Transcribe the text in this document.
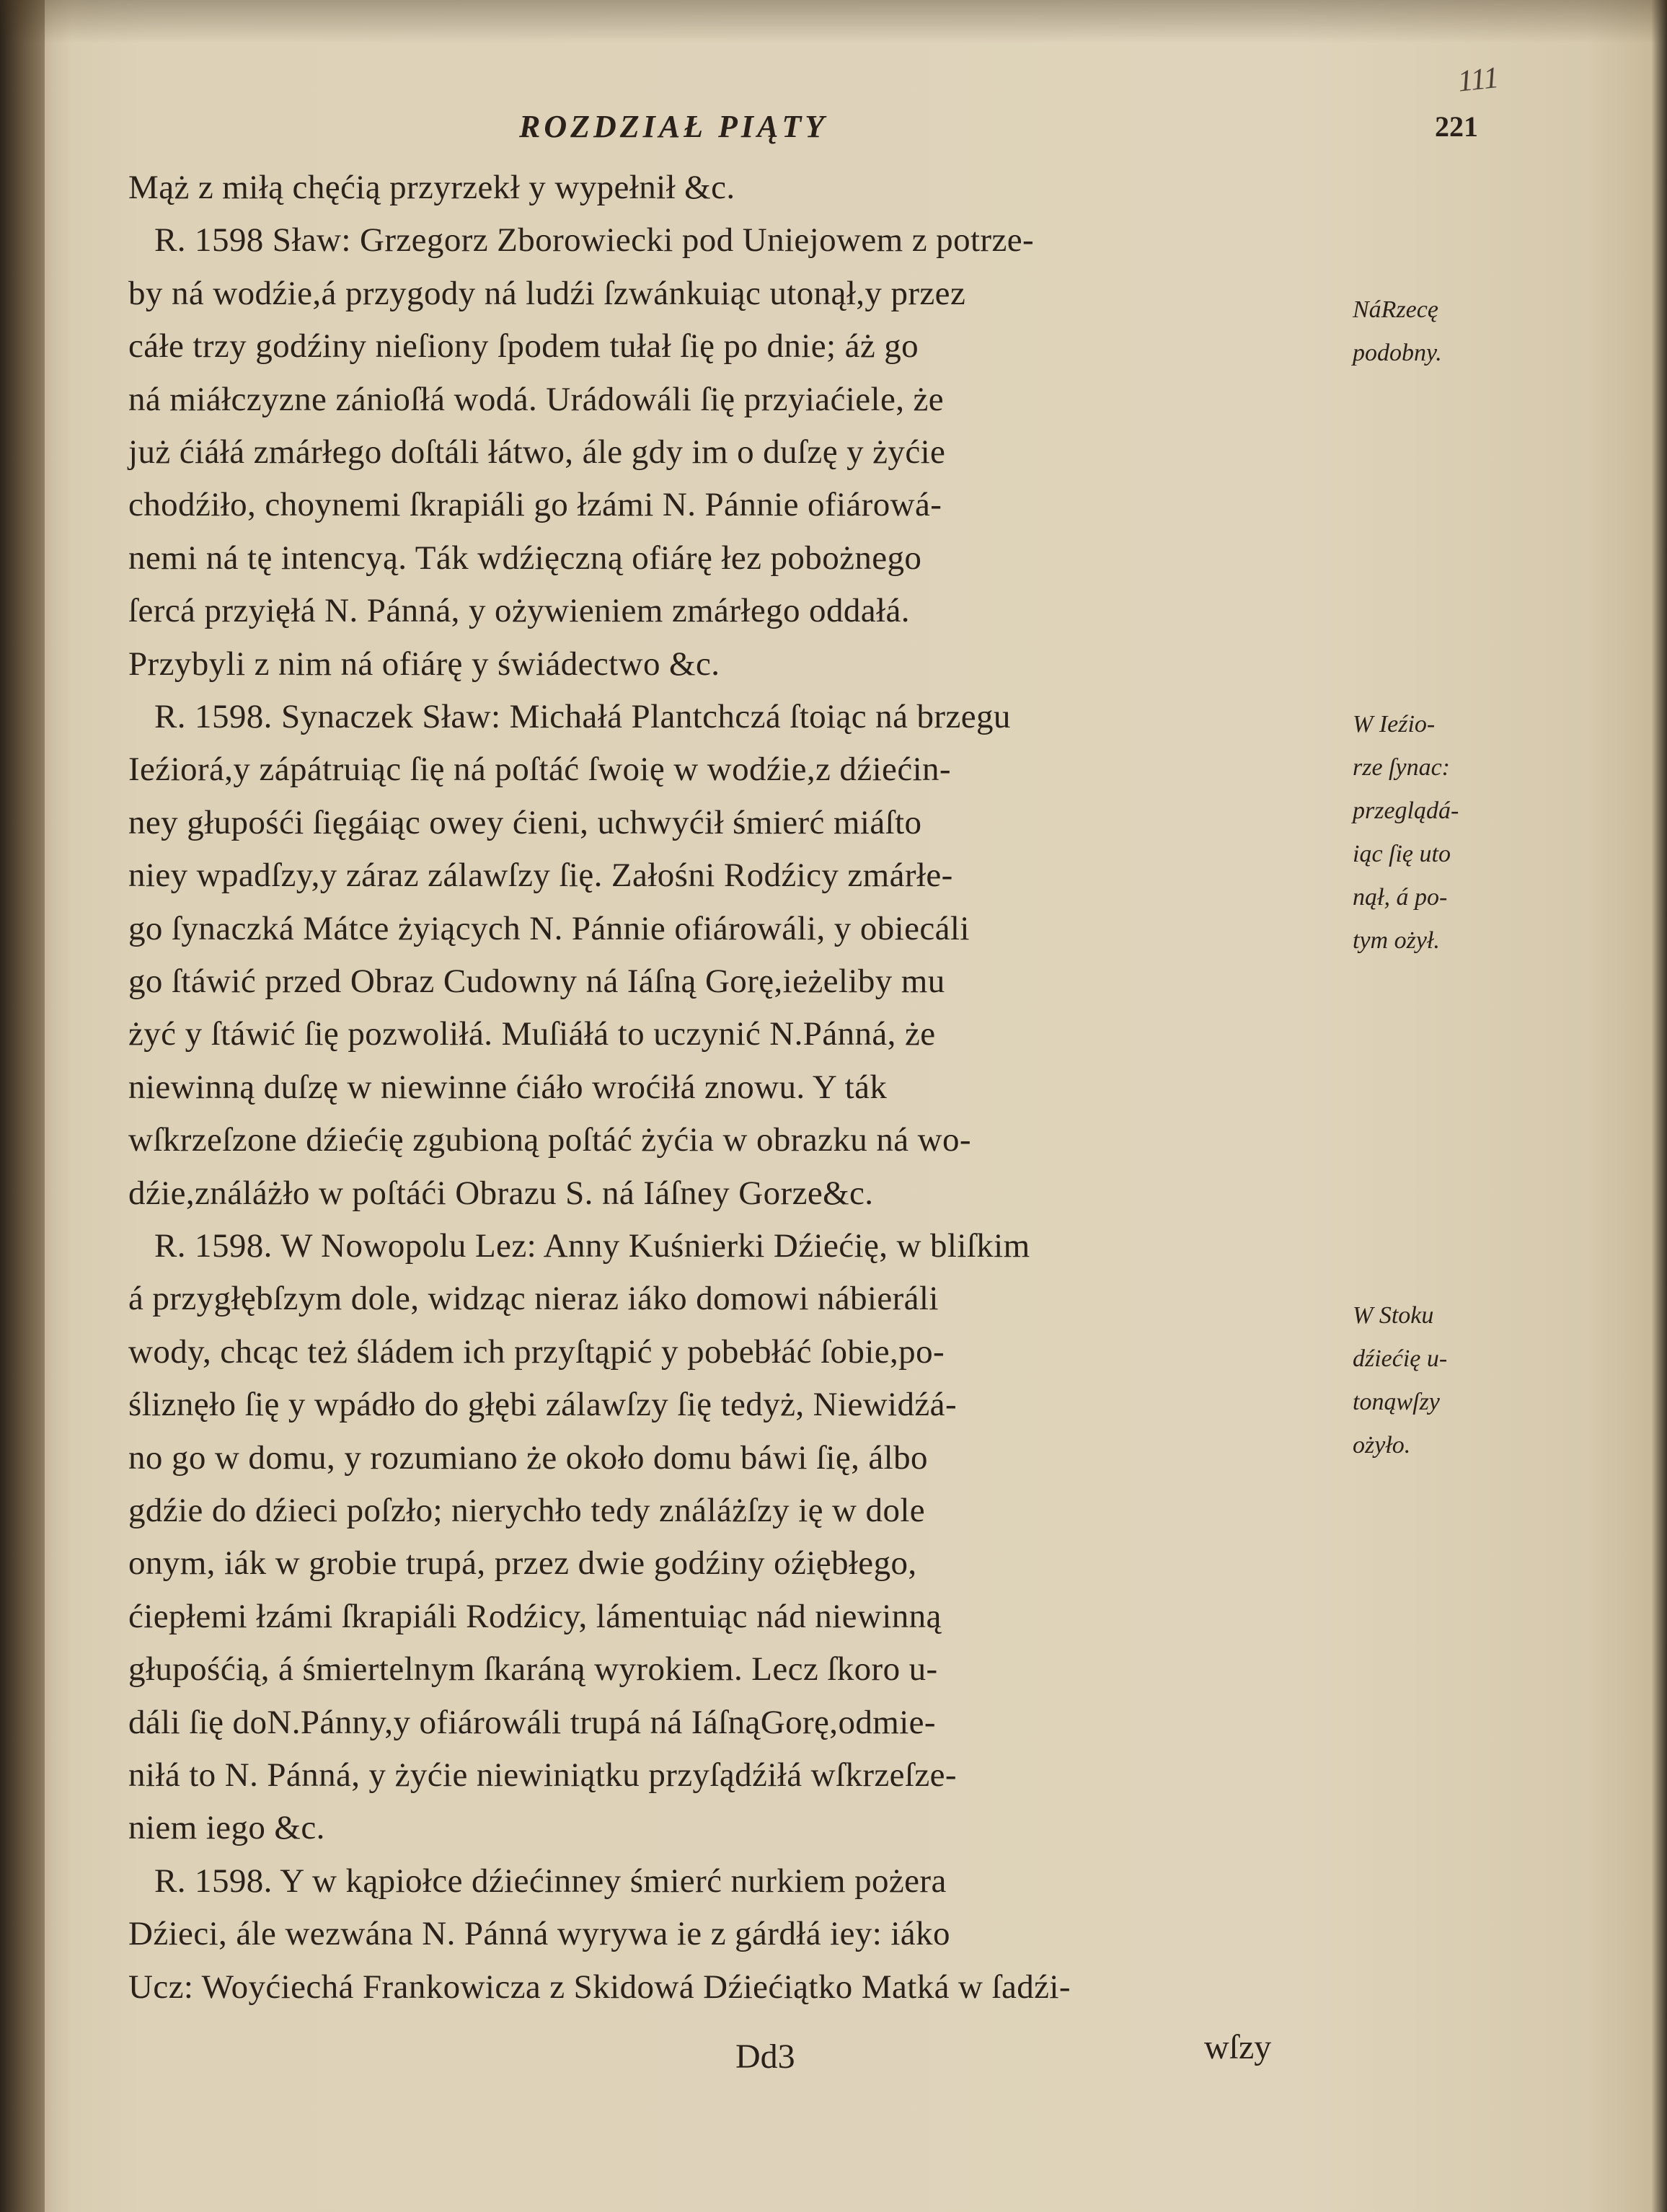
111
ROZDZIAŁ PIĄTY	221
Mąż z miłą chęćią przyrzekł y wypełnił &c.
R. 1598 Sław: Grzegorz Zborowiecki pod Uniejowem z potrze-
by ná wodźie,á przygody ná ludźi ſzwánkuiąc utonął,y przez
cáłe trzy godźiny nieſiony ſpodem tułał ſię po dnie; áż go
ná miáłczyzne zánioſłá wodá. Urádowáli ſię przyiaćiele, że
już ćiáłá zmárłego doſtáli łátwo, ále gdy im o duſzę y żyćie
chodźiło, choynemi ſkrapiáli go łzámi N. Pánnie ofiárowá-
nemi ná tę intencyą. Ták wdźięczną ofiárę łez pobożnego
ſercá przyięłá N. Pánná, y ożywieniem zmárłego oddałá.
Przybyli z nim ná ofiárę y świádectwo &c.
R. 1598. Synaczek Sław: Michałá Plantchczá ſtoiąc ná brzegu
Ieźiorá,y zápátruiąc ſię ná poſtáć ſwoię w wodźie,z dźiećin-
ney głupośći ſięgáiąc owey ćieni, uchwyćił śmierć miáſto
niey wpadſzy,y záraz zálawſzy ſię. Załośni Rodźicy zmárłe-
go ſynaczká Mátce żyiących N. Pánnie ofiárowáli, y obiecáli
go ſtáwić przed Obraz Cudowny ná Iáſną Gorę,ieżeliby mu
żyć y ſtáwić ſię pozwoliłá. Muſiáłá to uczynić N.Pánná, że
niewinną duſzę w niewinne ćiáło wroćiłá znowu. Y ták
wſkrzeſzone dźiećię zgubioną poſtáć żyćia w obrazku ná wo-
dźie,ználáżło w poſtáći Obrazu S. ná Iáſney Gorze&c.
R. 1598. W Nowopolu Lez: Anny Kuśnierki Dźiećię, w bliſkim
á przygłębſzym dole, widząc nieraz iáko domowi nábieráli
wody, chcąc też śládem ich przyſtąpić y pobebłáć ſobie,po-
śliznęło ſię y wpádło do głębi zálawſzy ſię tedyż, Niewidźá-
no go w domu, y rozumiano że około domu báwi ſię, álbo
gdźie do dźieci poſzło; nierychło tedy ználáżſzy ię w dole
onym, iák w grobie trupá, przez dwie godźiny oźiębłego,
ćiepłemi łzámi ſkrapiáli Rodźicy, lámentuiąc nád niewinną
głupośćią, á śmiertelnym ſkaráną wyrokiem. Lecz ſkoro u-
dáli ſię doN.Pánny,y ofiárowáli trupá ná IáſnąGorę,odmie-
niłá to N. Pánná, y żyćie niewiniątku przyſądźiłá wſkrzeſze-
niem iego &c.
R. 1598. Y w kąpiołce dźiećinney śmierć nurkiem pożera
Dźieci, ále wezwána N. Pánná wyrywa ie z gárdłá iey: iáko
Ucz: Woyćiechá Frankowicza z Skidowá Dźiećiątko Matká w ſadźi-
NáRzecę
podobny.
W Ieźio-
rze ſynac:
przeglądá-
iąc ſię uto
nął, á po-
tym ożył.
W Stoku
dźiećię u-
tonąwſzy
ożyło.
Dd3	wſzy
